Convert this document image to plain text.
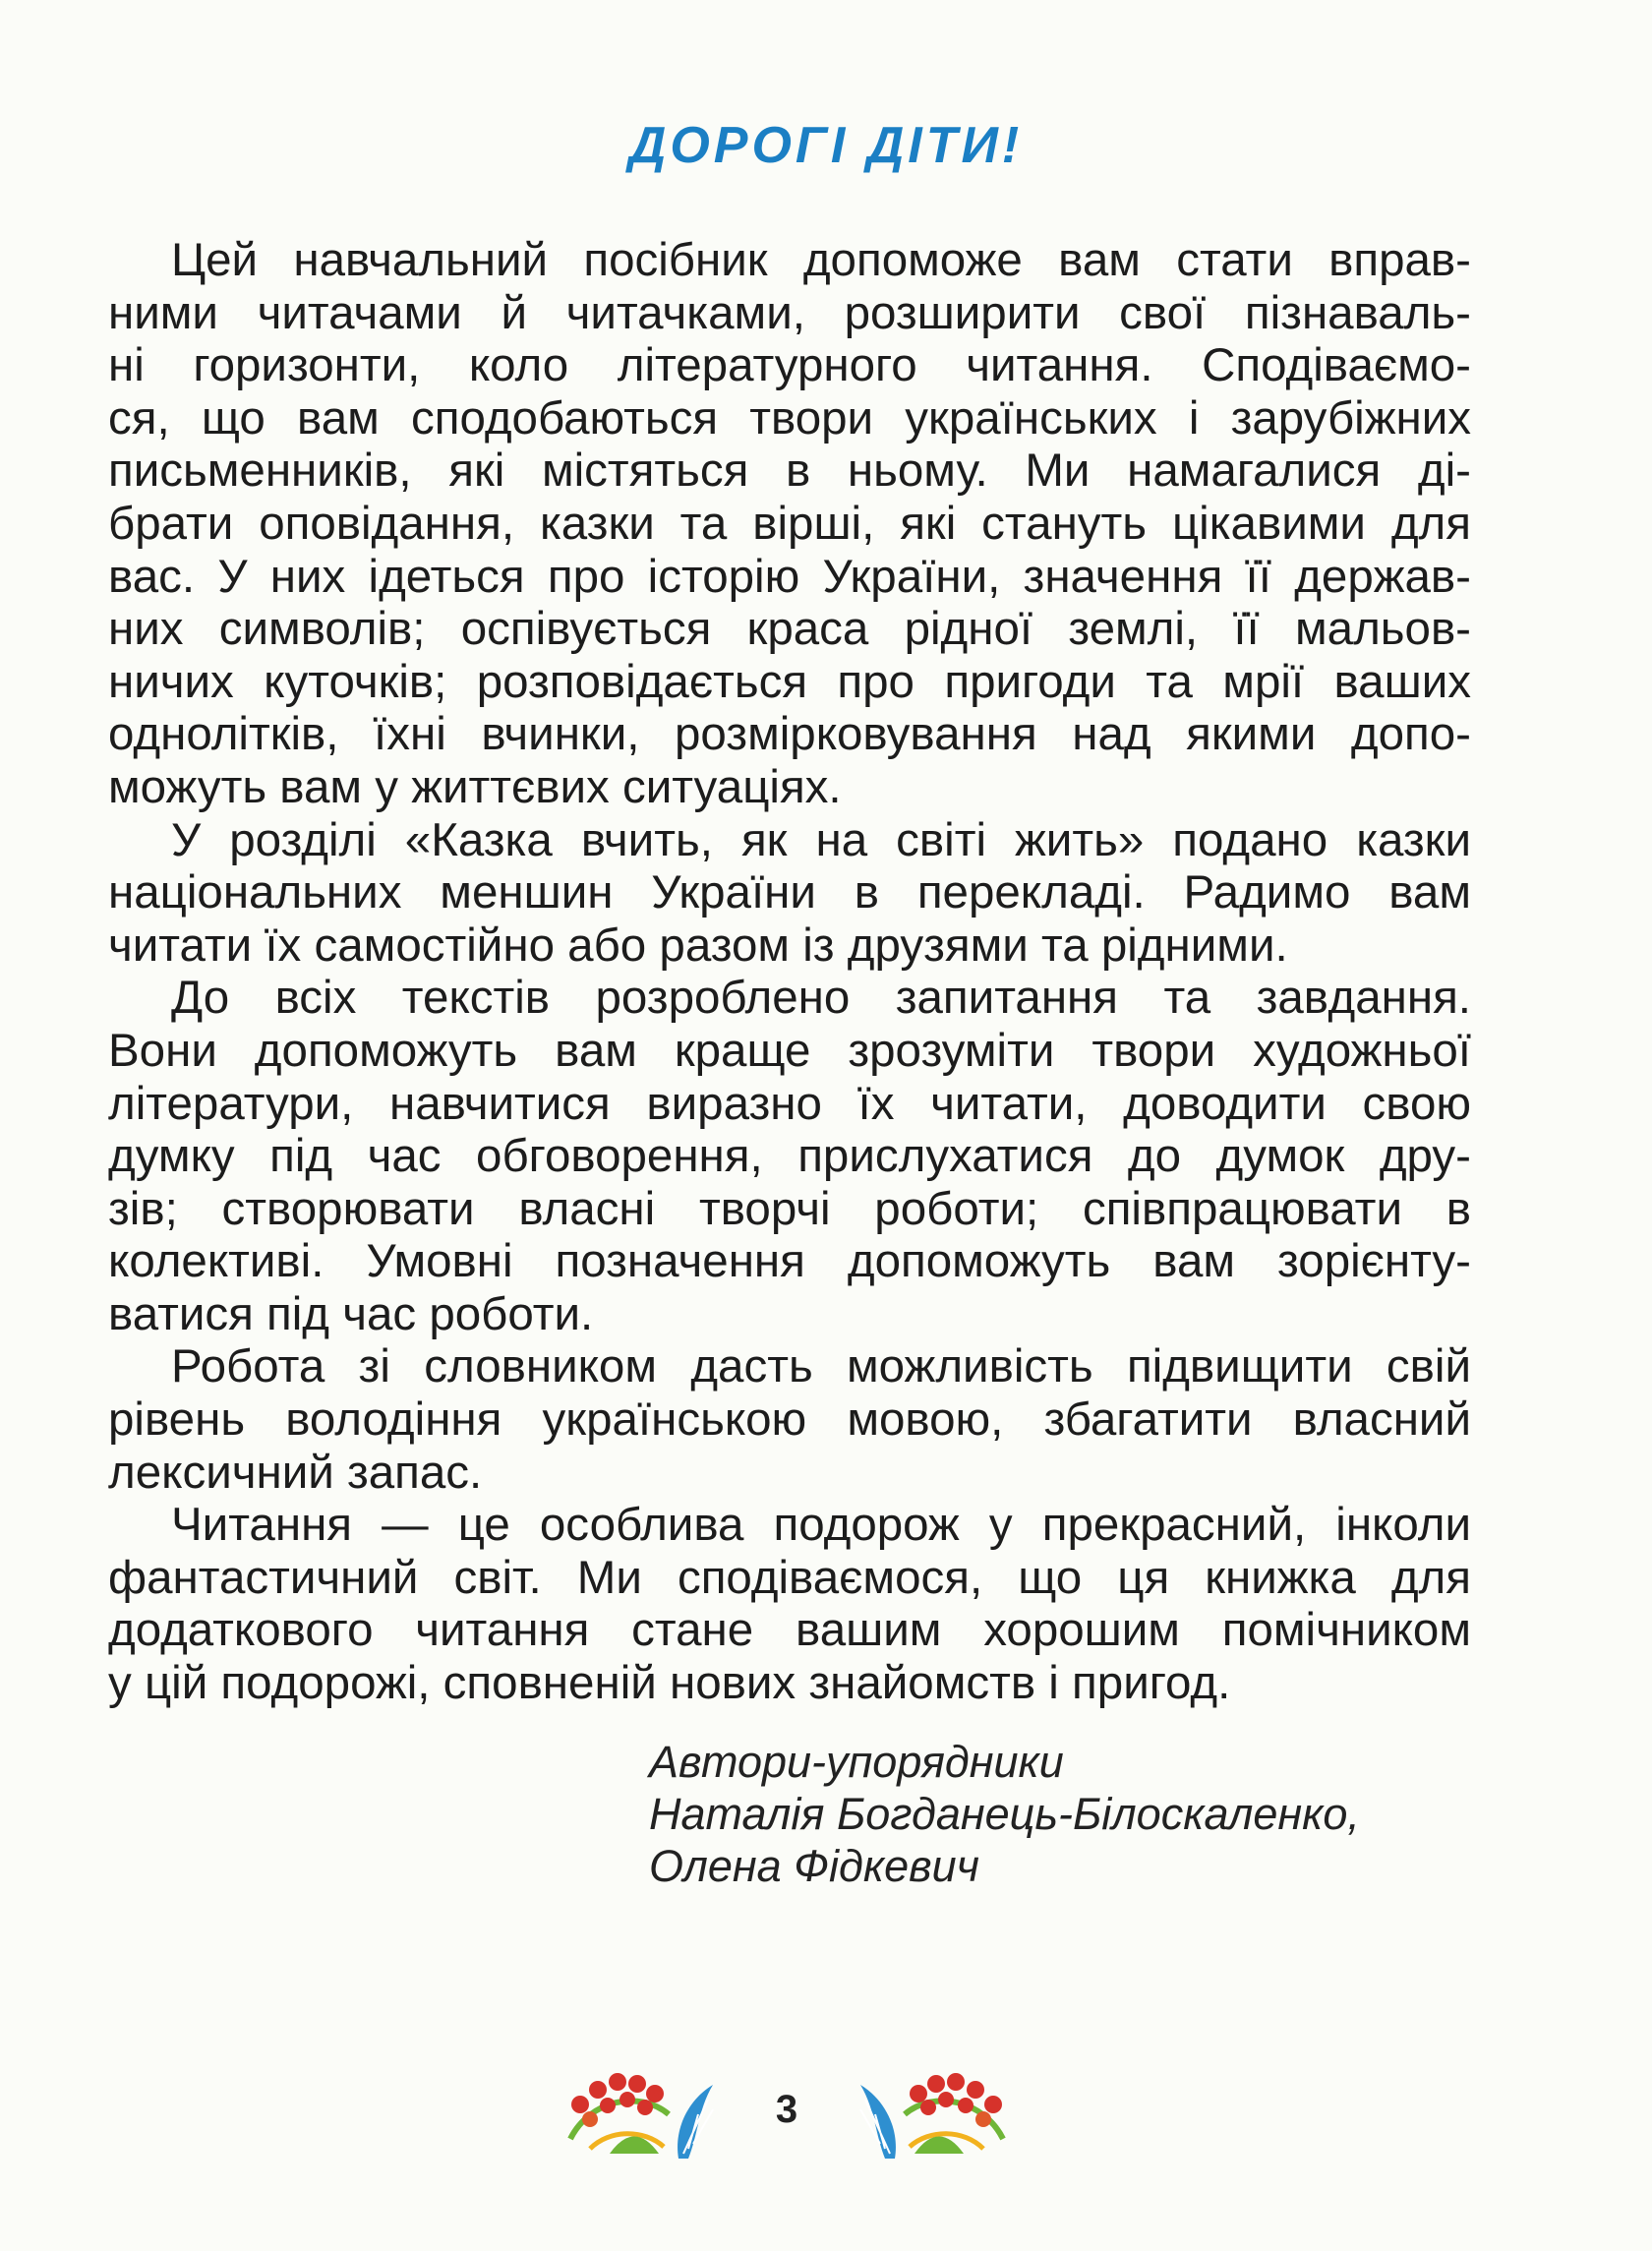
ДОРОГІ ДІТИ!
Цей навчальний посібник допоможе вам стати вправ-
ними читачами й читачками, розширити свої пізнаваль-
ні горизонти, коло літературного читання. Сподіваємо-
ся, що вам сподобаються твори українських і зарубіжних
письменників, які містяться в ньому. Ми намагалися ді-
брати оповідання, казки та вірші, які стануть цікавими для
вас. У них ідеться про історію України, значення її держав-
них символів; оспівується краса рідної землі, її мальов-
ничих куточків; розповідається про пригоди та мрії ваших
однолітків, їхні вчинки, розмірковування над якими допо-
можуть вам у життєвих ситуаціях.
У розділі «Казка вчить, як на світі жить» подано казки
національних меншин України в перекладі. Радимо вам
читати їх самостійно або разом із друзями та рідними.
До всіх текстів розроблено запитання та завдання.
Вони допоможуть вам краще зрозуміти твори художньої
літератури, навчитися виразно їх читати, доводити свою
думку під час обговорення, прислухатися до думок дру-
зів; створювати власні творчі роботи; співпрацювати в
колективі. Умовні позначення допоможуть вам зорієнту-
ватися під час роботи.
Робота зі словником дасть можливість підвищити свій
рівень володіння українською мовою, збагатити власний
лексичний запас.
Читання — це особлива подорож у прекрасний, інколи
фантастичний світ. Ми сподіваємося, що ця книжка для
додаткового читання стане вашим хорошим помічником
у цій подорожі, сповненій нових знайомств і пригод.
Автори-упорядники
Наталія Богданець-Білоскаленко,
Олена Фідкевич
3
